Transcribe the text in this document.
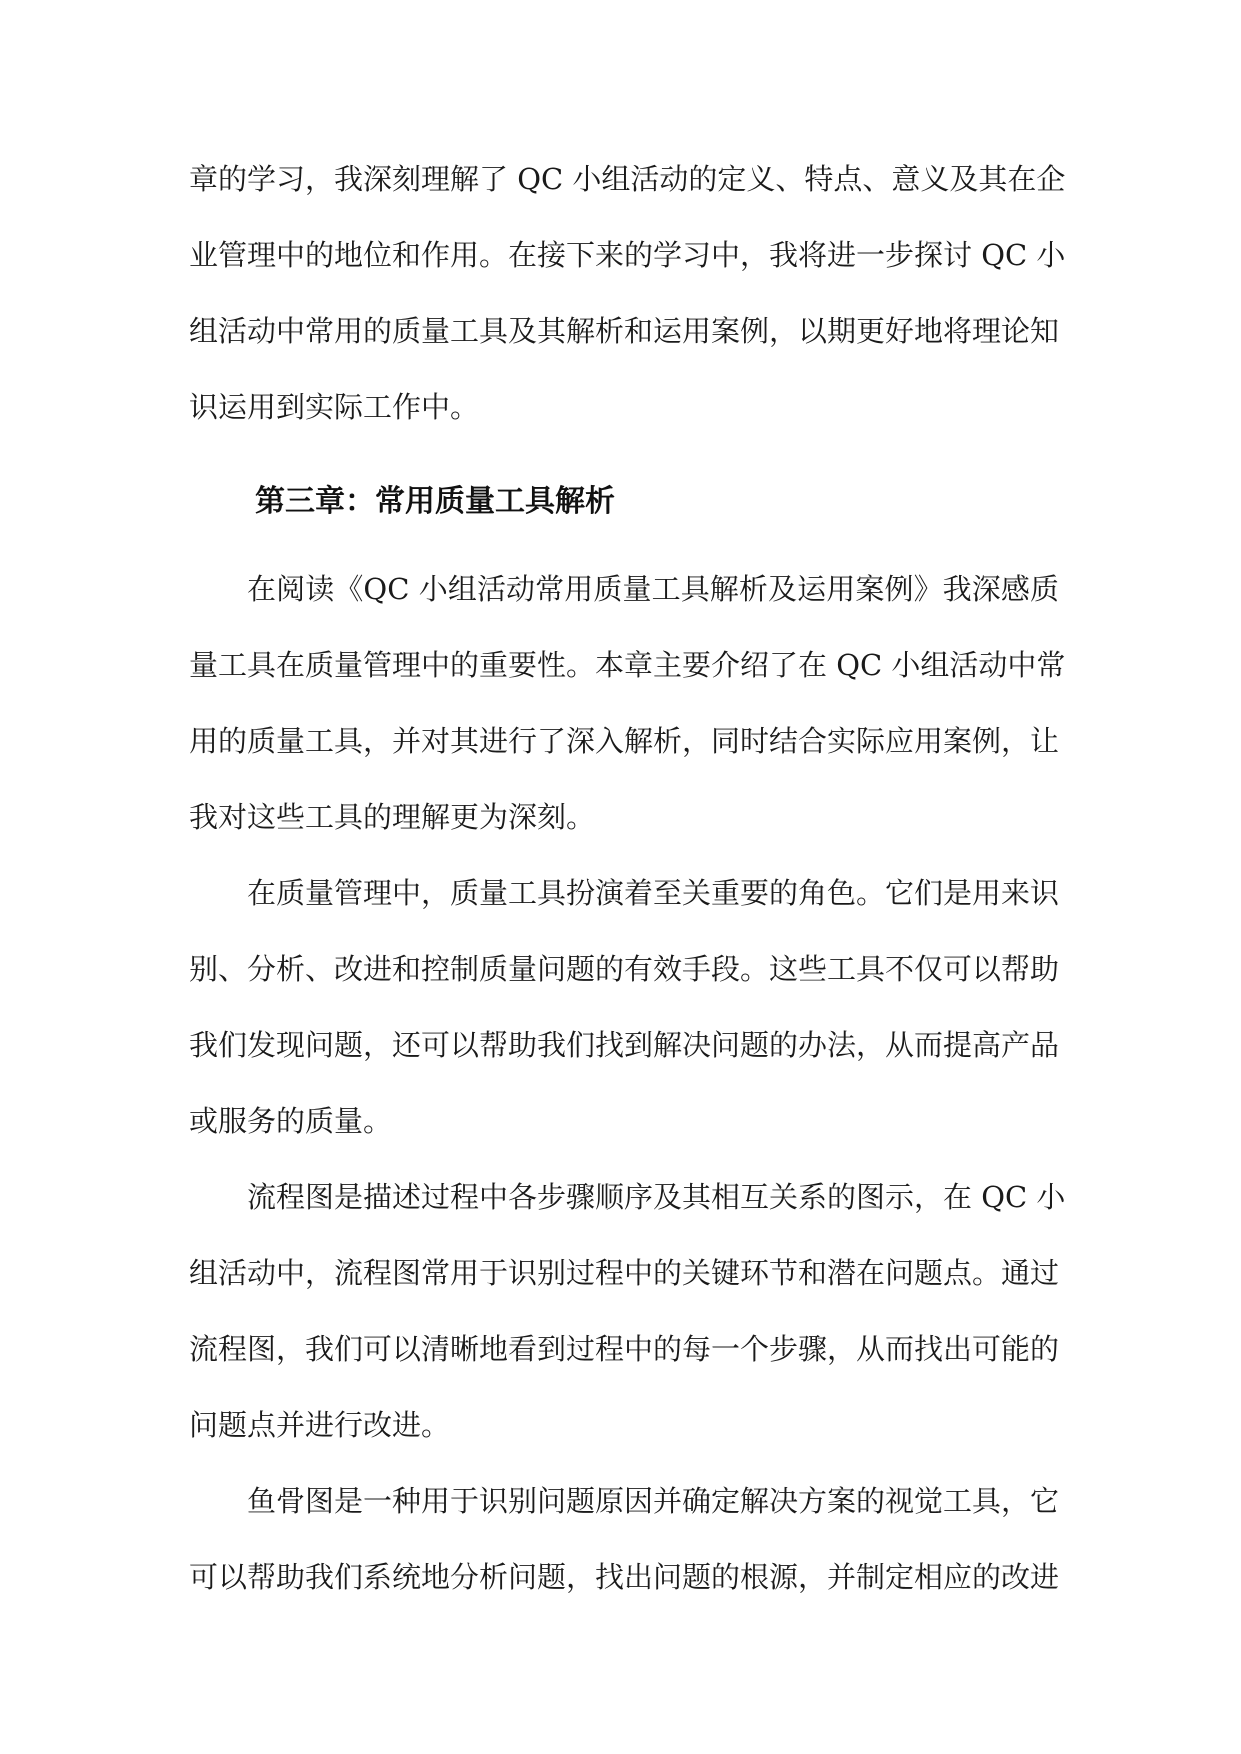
章的学习，我深刻理解了 QC 小组活动的定义、特点、意义及其在企
业管理中的地位和作用。在接下来的学习中，我将进一步探讨 QC 小
组活动中常用的质量工具及其解析和运用案例，以期更好地将理论知
识运用到实际工作中。

第三章：常用质量工具解析

在阅读《QC 小组活动常用质量工具解析及运用案例》我深感质
量工具在质量管理中的重要性。本章主要介绍了在 QC 小组活动中常
用的质量工具，并对其进行了深入解析，同时结合实际应用案例，让
我对这些工具的理解更为深刻。

在质量管理中，质量工具扮演着至关重要的角色。它们是用来识
别、分析、改进和控制质量问题的有效手段。这些工具不仅可以帮助
我们发现问题，还可以帮助我们找到解决问题的办法，从而提高产品
或服务的质量。

流程图是描述过程中各步骤顺序及其相互关系的图示，在 QC 小
组活动中，流程图常用于识别过程中的关键环节和潜在问题点。通过
流程图，我们可以清晰地看到过程中的每一个步骤，从而找出可能的
问题点并进行改进。

鱼骨图是一种用于识别问题原因并确定解决方案的视觉工具，它
可以帮助我们系统地分析问题，找出问题的根源，并制定相应的改进
